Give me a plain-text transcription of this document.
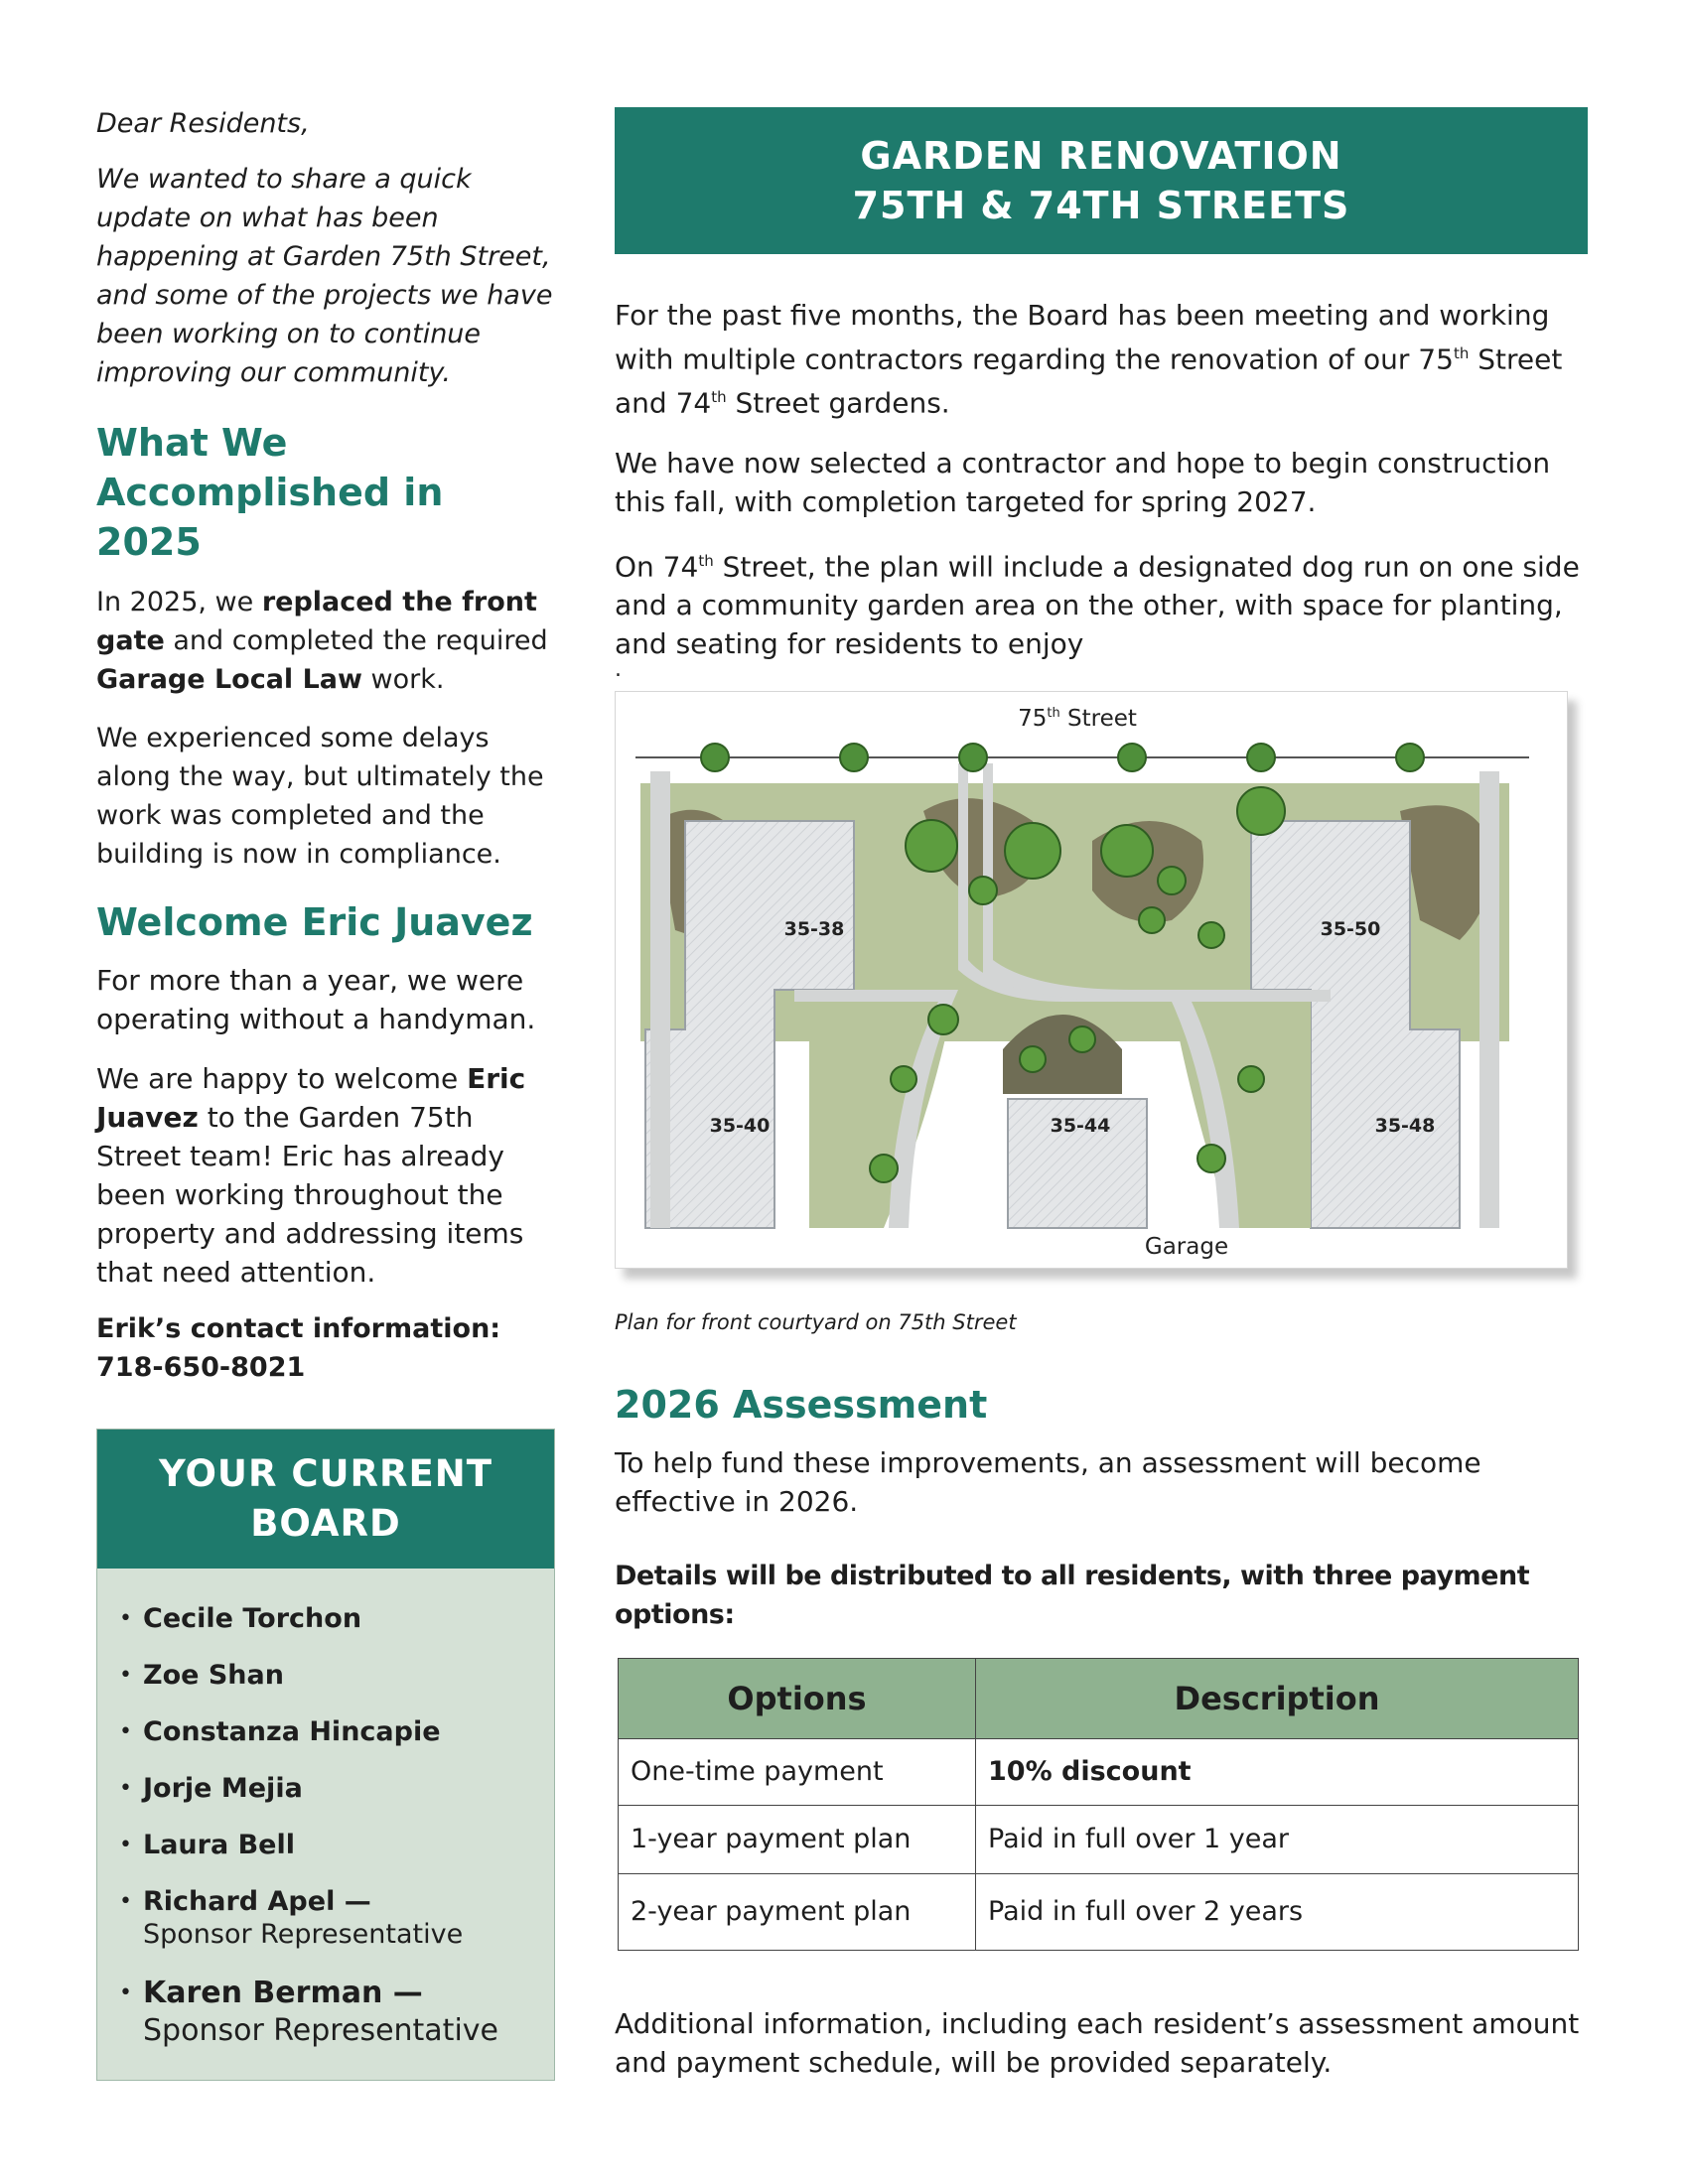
Dear Residents,

We wanted to share a quick update on what has been happening at Garden 75th Street, and some of the projects we have been working on to continue improving our community.

What We Accomplished in 2025

In 2025, we replaced the front gate and completed the required Garage Local Law work.

We experienced some delays along the way, but ultimately the work was completed and the building is now in compliance.

Welcome Eric Juavez

For more than a year, we were operating without a handyman.

We are happy to welcome Eric Juavez to the Garden 75th Street team! Eric has already been working throughout the property and addressing items that need attention.

Erik’s contact information:
718-650-8021

YOUR CURRENT BOARD
• Cecile Torchon
• Zoe Shan
• Constanza Hincapie
• Jorje Mejia
• Laura Bell
• Richard Apel —
Sponsor Representative
• Karen Berman —
Sponsor Representative
GARDEN RENOVATION
75TH & 74TH STREETS

For the past five months, the Board has been meeting and working with multiple contractors regarding the renovation of our 75th Street and 74th Street gardens.

We have now selected a contractor and hope to begin construction this fall, with completion targeted for spring 2027.

On 74th Street, the plan will include a designated dog run on one side and a community garden area on the other, with space for planting, and seating for residents to enjoy

.

75th Street
Garage
35-38	35-50
35-40	35-44	35-48

Plan for front courtyard on 75th Street

2026 Assessment

To help fund these improvements, an assessment will become effective in 2026.

Details will be distributed to all residents, with three payment options:

Options	Description
One-time payment	10% discount
1-year payment plan	Paid in full over 1 year
2-year payment plan	Paid in full over 2 years

Additional information, including each resident’s assessment amount and payment schedule, will be provided separately.
